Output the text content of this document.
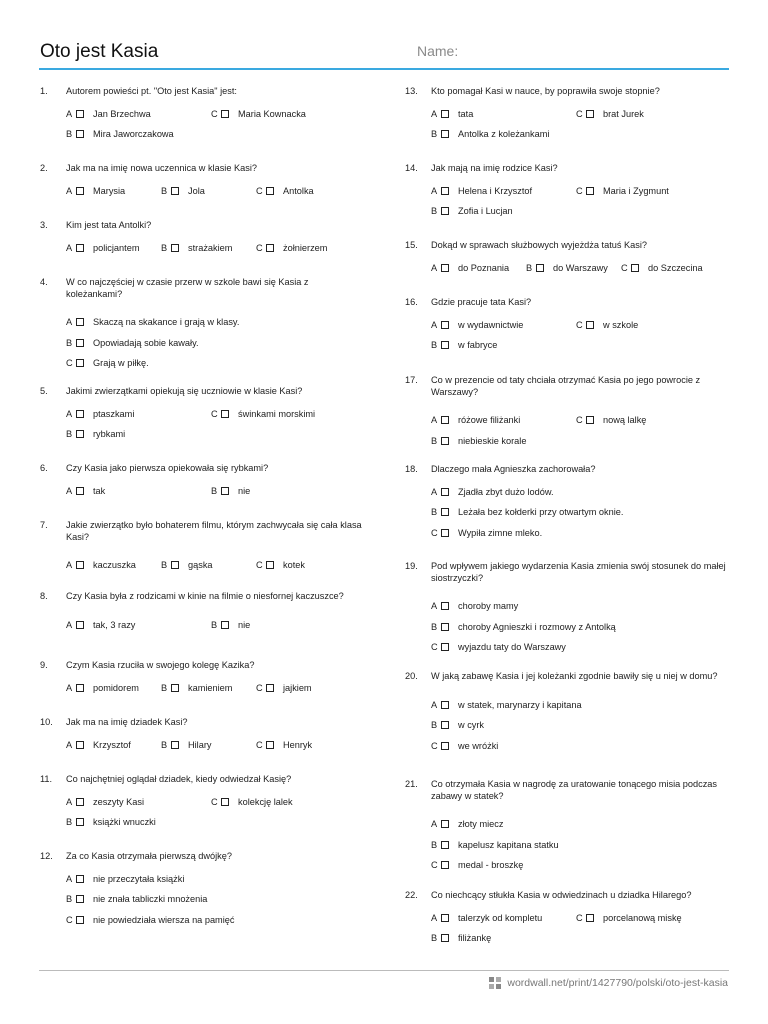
Oto jest Kasia	Name:
1.	Autorem powieści pt. "Oto jest Kasia" jest:
A	Jan Brzechwa	C	Maria Kownacka
B	Mira Jaworczakowa
2.	Jak ma na imię nowa uczennica w klasie Kasi?
A	Marysia	B	Jola	C	Antolka
3.	Kim jest tata Antolki?
A	policjantem B	strażakiem	C	żołnierzem
4.	W co najczęściej w czasie przerw w szkole bawi się Kasia z koleżankami?
A	Skaczą na skakance i grają w klasy.
B	Opowiadają sobie kawały.
C	Grają w piłkę.
5.	Jakimi zwierzątkami opiekują się uczniowie w klasie Kasi?
A	ptaszkami	C	świnkami morskimi
B	rybkami
6.	Czy Kasia jako pierwsza opiekowała się rybkami?
A	tak	B	nie
7.	Jakie zwierzątko było bohaterem filmu, którym zachwycała się cała klasa Kasi?
A	kaczuszka	B	gąska	C	kotek
8.	Czy Kasia była z rodzicami w kinie na filmie o niesfornej kaczuszce?
A	tak, 3 razy	B	nie
9.	Czym Kasia rzuciła w swojego kolegę Kazika?
A	pomidorem B	kamieniem	C	jajkiem
10.	Jak ma na imię dziadek Kasi?
A	Krzysztof	B	Hilary	C	Henryk
11.	Co najchętniej oglądał dziadek, kiedy odwiedzał Kasię?
A	zeszyty Kasi	C	kolekcję lalek
B	książki wnuczki
12.	Za co Kasia otrzymała pierwszą dwójkę?
A	nie przeczytała książki
B	nie znała tabliczki mnożenia
C	nie powiedziała wiersza na pamięć
13.	Kto pomagał Kasi w nauce, by poprawiła swoje stopnie?
A	tata	C	brat Jurek
B	Antolka z koleżankami
14.	Jak mają na imię rodzice Kasi?
A	Helena i Krzysztof	C	Maria i Zygmunt
B	Zofia i Lucjan
15.	Dokąd w sprawach służbowych wyjeżdża tatuś Kasi?
A	do Poznania B	do Warszawy C	do Szczecina
16.	Gdzie pracuje tata Kasi?
A	w wydawnictwie	C	w szkole
B	w fabryce
17.	Co w prezencie od taty chciała otrzymać Kasia po jego powrocie z Warszawy?
A	różowe filiżanki	C	nową lalkę
B	niebieskie korale
18.	Dlaczego mała Agnieszka zachorowała?
A	Zjadła zbyt dużo lodów.
B	Leżała bez kołderki przy otwartym oknie.
C	Wypiła zimne mleko.
19.	Pod wpływem jakiego wydarzenia Kasia zmienia swój stosunek do małej siostrzyczki?
A	choroby mamy
B	choroby Agnieszki i rozmowy z Antolką
C	wyjazdu taty do Warszawy
20.	W jaką zabawę Kasia i jej koleżanki zgodnie bawiły się u niej w domu?
A	w statek, marynarzy i kapitana
B	w cyrk
C	we wróżki
21.	Co otrzymała Kasia w nagrodę za uratowanie tonącego misia podczas zabawy w statek?
A	złoty miecz
B	kapelusz kapitana statku
C	medal - broszkę
22.	Co niechcący stłukła Kasia w odwiedzinach u dziadka Hilarego?
A	talerzyk od kompletu	C	porcelanową miskę
B	filiżankę
wordwall.net/print/1427790/polski/oto-jest-kasia
